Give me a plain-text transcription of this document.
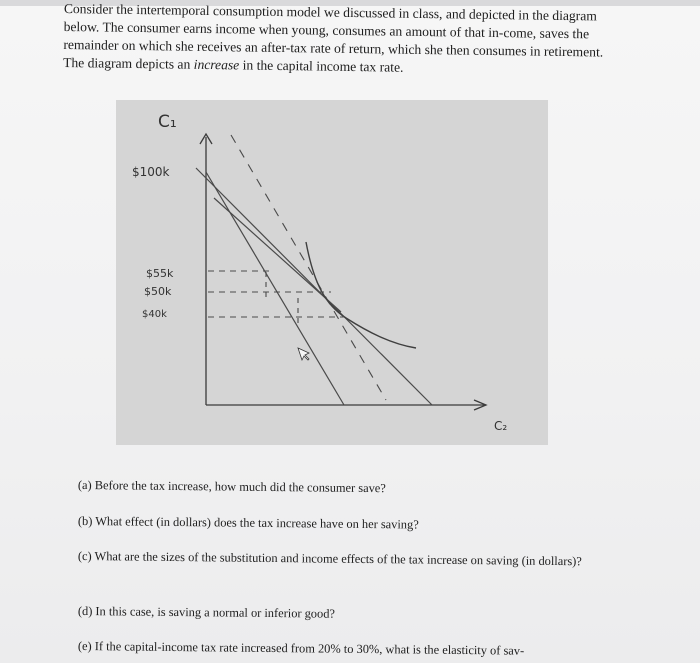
Consider the intertemporal consumption model we discussed in class, and depicted in the diagram below. The consumer earns income when young, consumes an amount of that in-come, saves the remainder on which she receives an after-tax rate of return, which she then consumes in retirement. The diagram depicts an increase in the capital income tax rate.

C₁
C₂
$100k
$55k
$50k
$40k
(a) Before the tax increase, how much did the consumer save?
(b) What effect (in dollars) does the tax increase have on her saving?
(c) What are the sizes of the substitution and income effects of the tax increase on saving (in dollars)?
(d) In this case, is saving a normal or inferior good?
(e) If the capital-income tax rate increased from 20% to 30%, what is the elasticity of sav-
